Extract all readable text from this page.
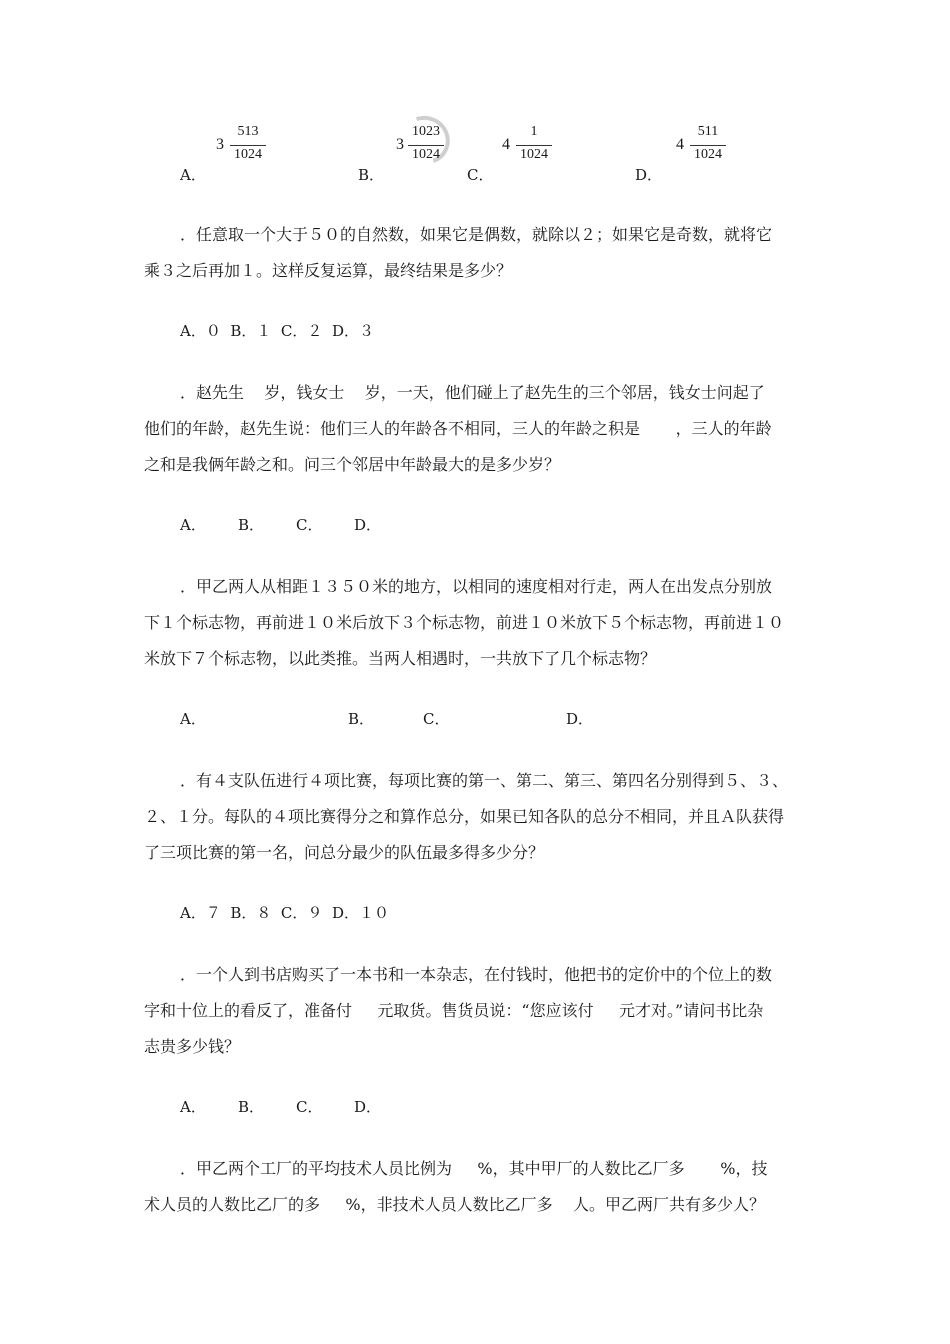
A．
3
513
1024
B．
3
1023
1024
C．
4
1
1024
D．
4
511
1024
．任意取一个大于５０的自然数，如果它是偶数，就除以２；如果它是奇数，就将它
乘３之后再加１。这样反复运算，最终结果是多少？
A．０  B．１  C．２  D．３
．赵先生    岁，钱女士    岁，一天，他们碰上了赵先生的三个邻居，钱女士问起了
他们的年龄，赵先生说：他们三人的年龄各不相同，三人的年龄之积是       ，三人的年龄
之和是我俩年龄之和。问三个邻居中年龄最大的是多少岁？
A． B． C． D．
．甲乙两人从相距１３５０米的地方，以相同的速度相对行走，两人在出发点分别放
下１个标志物，再前进１０米后放下３个标志物，前进１０米放下５个标志物，再前进１０
米放下７个标志物，以此类推。当两人相遇时，一共放下了几个标志物？
A．	B．	C．	D．
．有４支队伍进行４项比赛，每项比赛的第一、第二、第三、第四名分别得到５、３、
２、１分。每队的４项比赛得分之和算作总分，如果已知各队的总分不相同，并且Ａ队获得
了三项比赛的第一名，问总分最少的队伍最多得多少分？
A．７  B．８  C．９  D．１０
．一个人到书店购买了一本书和一本杂志，在付钱时，他把书的定价中的个位上的数
字和十位上的看反了，准备付     元取货。售货员说：“您应该付     元才对。”请问书比杂
志贵多少钱？
A． B． C． D．
．甲乙两个工厂的平均技术人员比例为     %，其中甲厂的人数比乙厂多       %，技
术人员的人数比乙厂的多     %，非技术人员人数比乙厂多    人。甲乙两厂共有多少人？
